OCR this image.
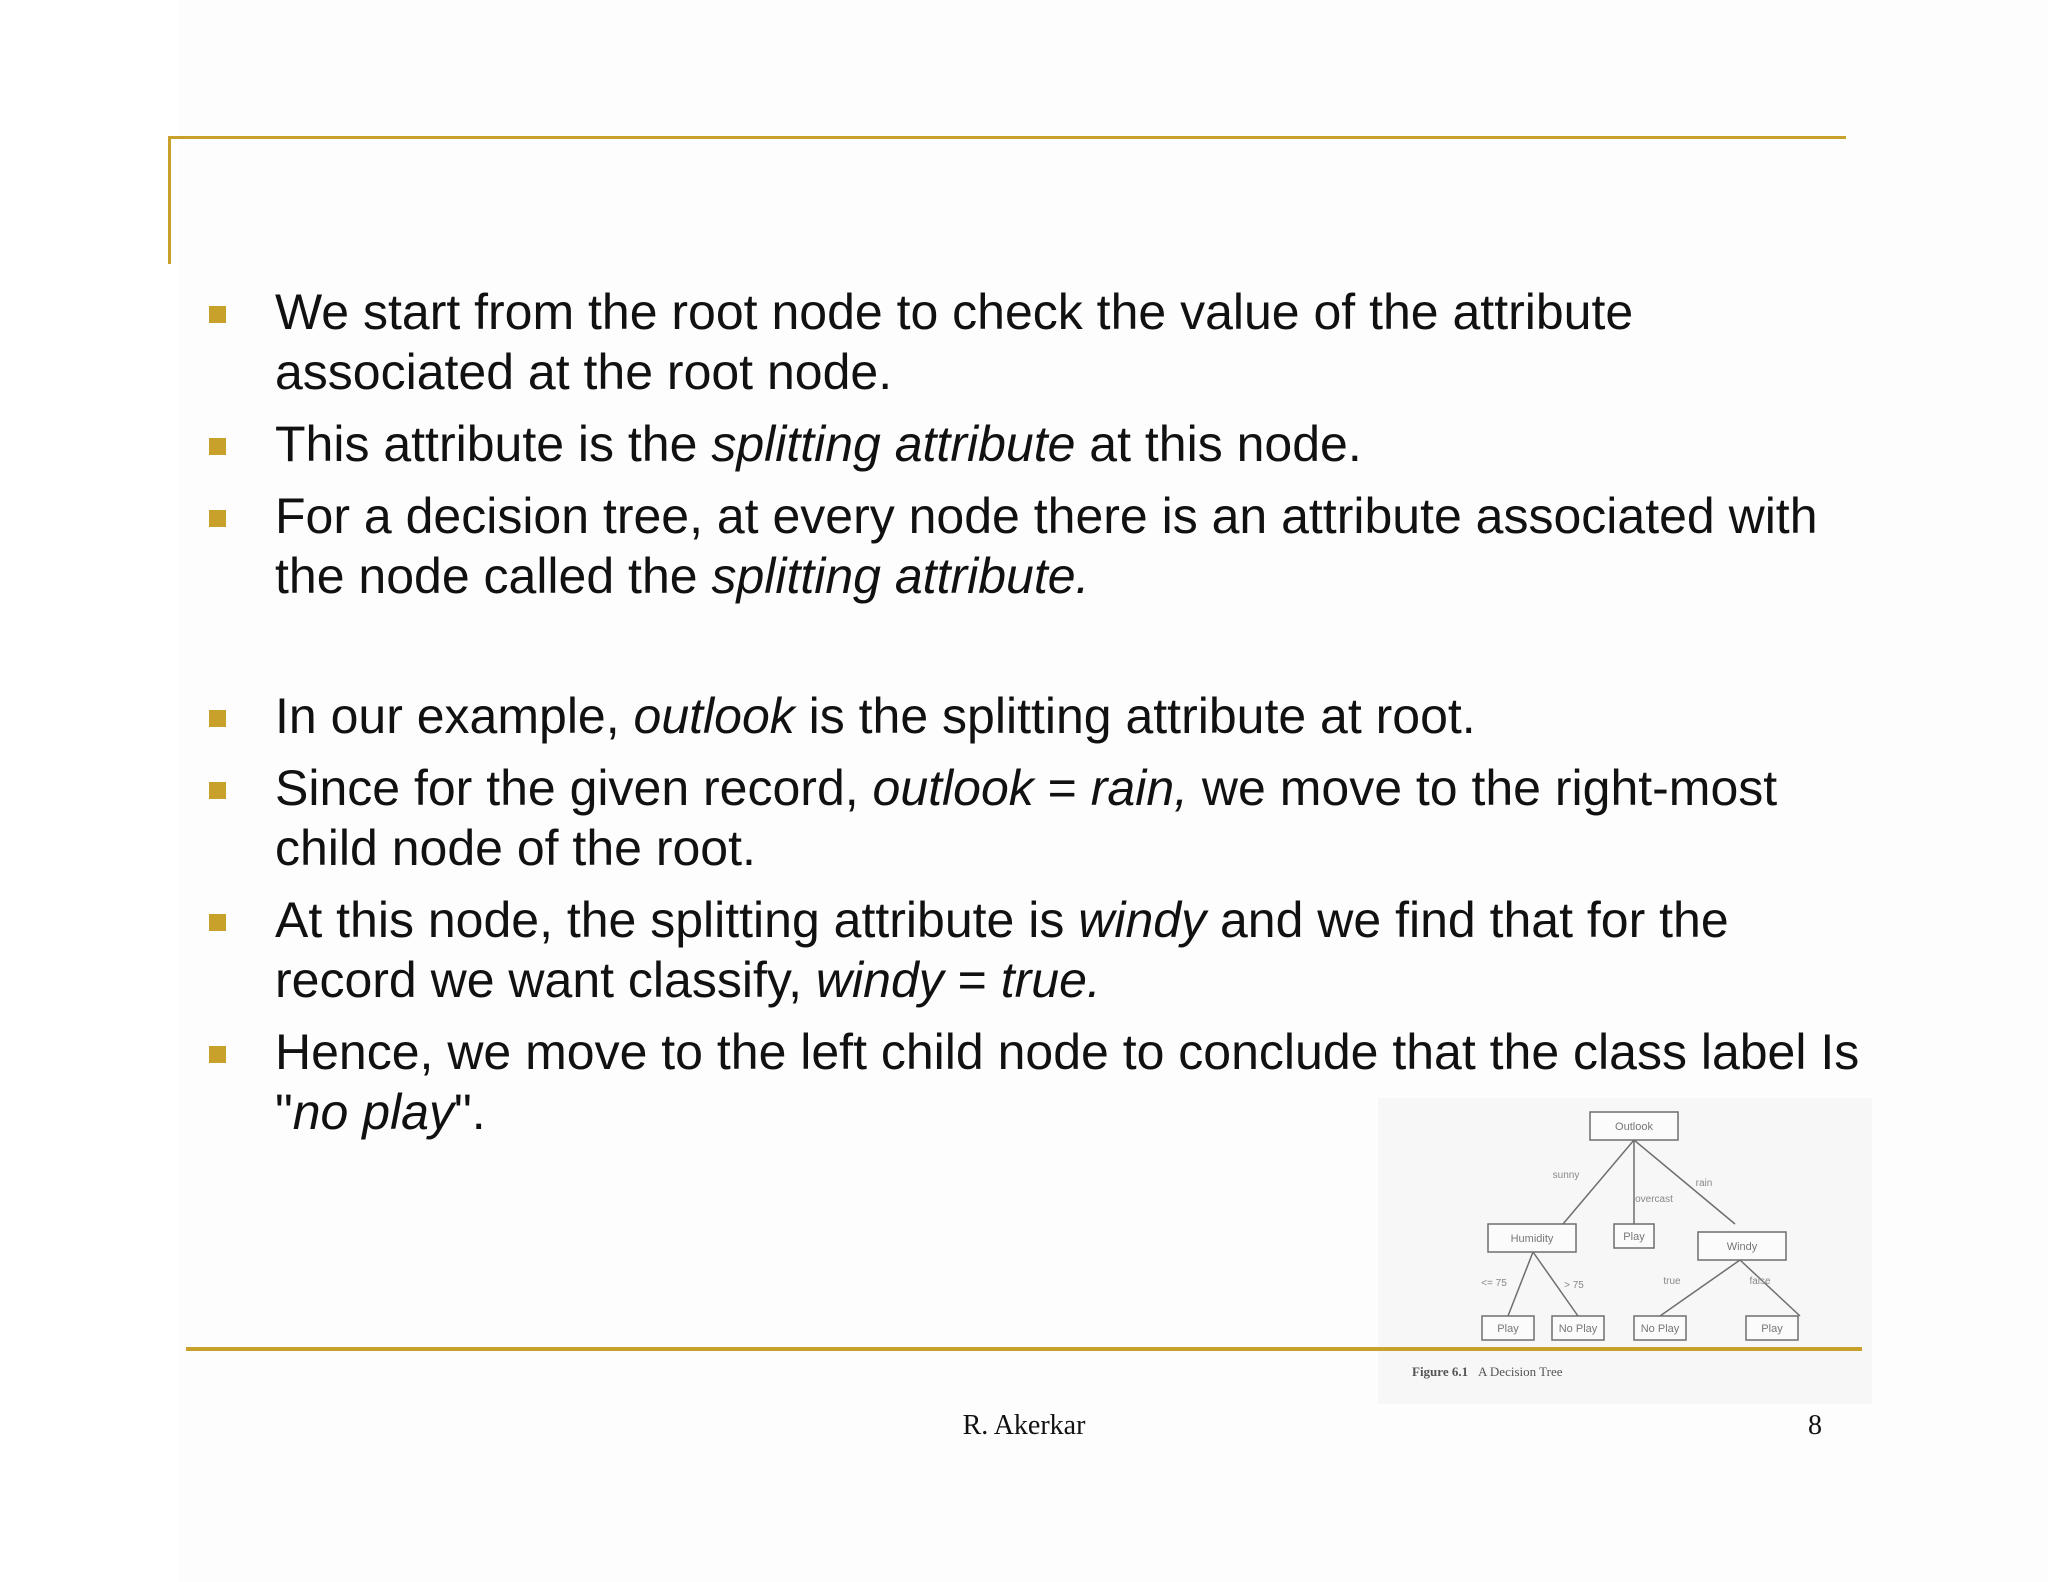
We start from the root node to check the value of the attribute associated at the root node.
This attribute is the splitting attribute at this node.
For a decision tree, at every node there is an attribute associated with the node called the splitting attribute.
In our example, outlook is the splitting attribute at root.
Since for the given record, outlook = rain, we move to the right-most child node of the root.
At this node, the splitting attribute is windy and we find that for the record we want classify, windy = true.
Hence, we move to the left child node to conclude that the class label Is "no play".	Outlook
Humidity	Play
Windy
Play	No Play	No Play	Play
sunny
overcast
rain
<= 75	> 75	true	false
Figure 6.1 A Decision Tree
R. Akerkar	8
